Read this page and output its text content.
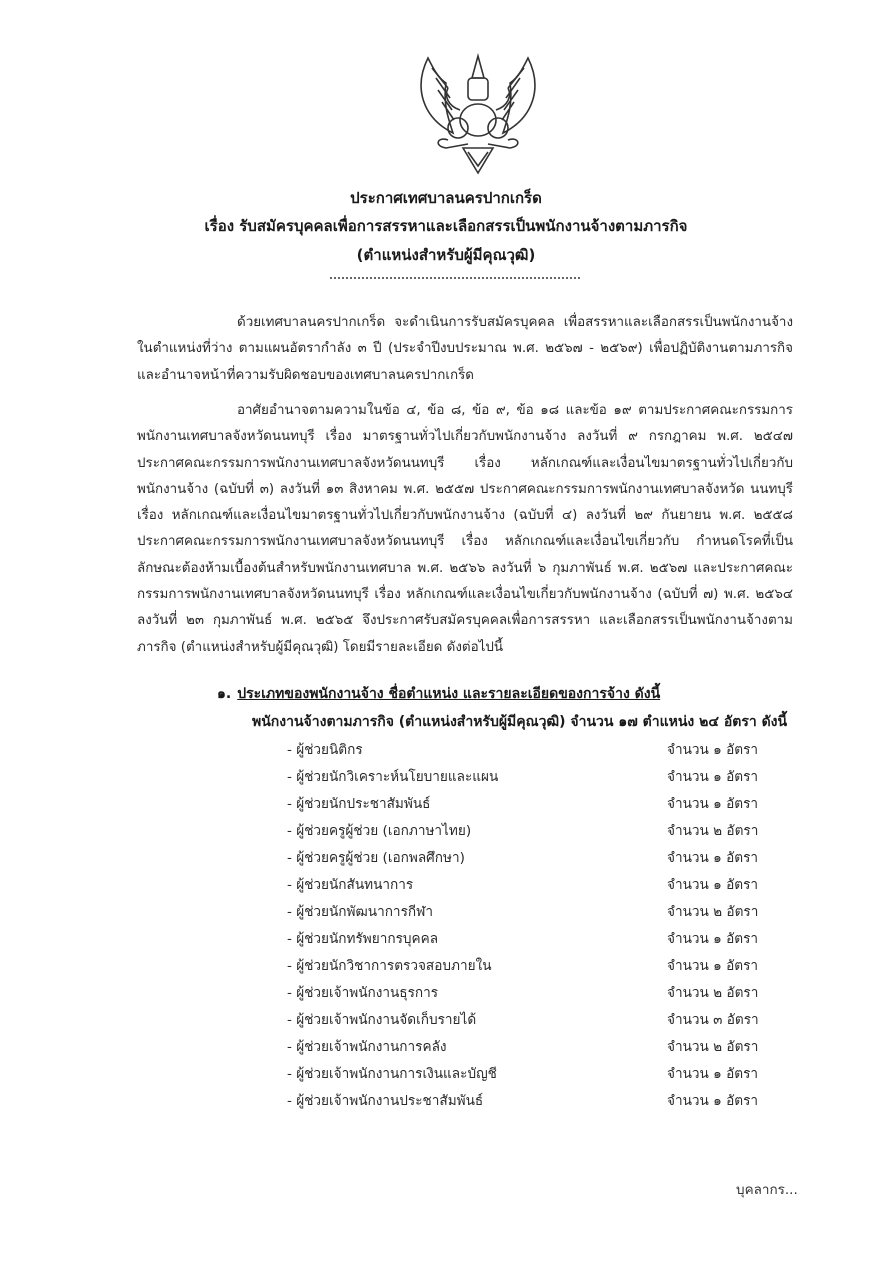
ประกาศเทศบาลนครปากเกร็ด
เรื่อง รับสมัครบุคคลเพื่อการสรรหาและเลือกสรรเป็นพนักงานจ้างตามภารกิจ
(ตำแหน่งสำหรับผู้มีคุณวุฒิ)

ด้วยเทศบาลนครปากเกร็ด จะดำเนินการรับสมัครบุคคล เพื่อสรรหาและเลือกสรรเป็นพนักงานจ้าง ในตำแหน่งที่ว่าง ตามแผนอัตรากำลัง ๓ ปี (ประจำปีงบประมาณ พ.ศ. ๒๕๖๗ - ๒๕๖๙) เพื่อปฏิบัติงานตามภารกิจ และอำนาจหน้าที่ความรับผิดชอบของเทศบาลนครปากเกร็ด

อาศัยอำนาจตามความในข้อ ๔, ข้อ ๘, ข้อ ๙, ข้อ ๑๘ และข้อ ๑๙ ตามประกาศคณะกรรมการ พนักงานเทศบาลจังหวัดนนทบุรี เรื่อง มาตรฐานทั่วไปเกี่ยวกับพนักงานจ้าง ลงวันที่ ๙ กรกฎาคม พ.ศ. ๒๕๔๗ ประกาศคณะกรรมการพนักงานเทศบาลจังหวัดนนทบุรี เรื่อง หลักเกณฑ์และเงื่อนไขมาตรฐานทั่วไปเกี่ยวกับ พนักงานจ้าง (ฉบับที่ ๓) ลงวันที่ ๑๓ สิงหาคม พ.ศ. ๒๕๕๗ ประกาศคณะกรรมการพนักงานเทศบาลจังหวัด นนทบุรี เรื่อง หลักเกณฑ์และเงื่อนไขมาตรฐานทั่วไปเกี่ยวกับพนักงานจ้าง (ฉบับที่ ๔) ลงวันที่ ๒๙ กันยายน พ.ศ. ๒๕๕๘ ประกาศคณะกรรมการพนักงานเทศบาลจังหวัดนนทบุรี เรื่อง หลักเกณฑ์และเงื่อนไขเกี่ยวกับ กำหนดโรคที่เป็นลักษณะต้องห้ามเบื้องต้นสำหรับพนักงานเทศบาล พ.ศ. ๒๕๖๖ ลงวันที่ ๖ กุมภาพันธ์ พ.ศ. ๒๕๖๗ และประกาศคณะกรรมการพนักงานเทศบาลจังหวัดนนทบุรี เรื่อง หลักเกณฑ์และเงื่อนไขเกี่ยวกับพนักงานจ้าง (ฉบับที่ ๗) พ.ศ. ๒๕๖๔ ลงวันที่ ๒๓ กุมภาพันธ์ พ.ศ. ๒๕๖๕ จึงประกาศรับสมัครบุคคลเพื่อการสรรหา และเลือกสรรเป็นพนักงานจ้างตามภารกิจ (ตำแหน่งสำหรับผู้มีคุณวุฒิ) โดยมีรายละเอียด ดังต่อไปนี้

๑. ประเภทของพนักงานจ้าง ชื่อตำแหน่ง และรายละเอียดของการจ้าง ดังนี้
พนักงานจ้างตามภารกิจ (ตำแหน่งสำหรับผู้มีคุณวุฒิ) จำนวน ๑๗ ตำแหน่ง ๒๔ อัตรา ดังนี้
- ผู้ช่วยนิติกร	จำนวน ๑ อัตรา
- ผู้ช่วยนักวิเคราะห์นโยบายและแผน	จำนวน ๑ อัตรา
- ผู้ช่วยนักประชาสัมพันธ์	จำนวน ๑ อัตรา
- ผู้ช่วยครูผู้ช่วย (เอกภาษาไทย)	จำนวน ๒ อัตรา
- ผู้ช่วยครูผู้ช่วย (เอกพลศึกษา)	จำนวน ๑ อัตรา
- ผู้ช่วยนักสันทนาการ	จำนวน ๑ อัตรา
- ผู้ช่วยนักพัฒนาการกีฬา	จำนวน ๒ อัตรา
- ผู้ช่วยนักทรัพยากรบุคคล	จำนวน ๑ อัตรา
- ผู้ช่วยนักวิชาการตรวจสอบภายใน	จำนวน ๑ อัตรา
- ผู้ช่วยเจ้าพนักงานธุรการ	จำนวน ๒ อัตรา
- ผู้ช่วยเจ้าพนักงานจัดเก็บรายได้	จำนวน ๓ อัตรา
- ผู้ช่วยเจ้าพนักงานการคลัง	จำนวน ๒ อัตรา
- ผู้ช่วยเจ้าพนักงานการเงินและบัญชี	จำนวน ๑ อัตรา
- ผู้ช่วยเจ้าพนักงานประชาสัมพันธ์	จำนวน ๑ อัตรา
บุคลากร...
